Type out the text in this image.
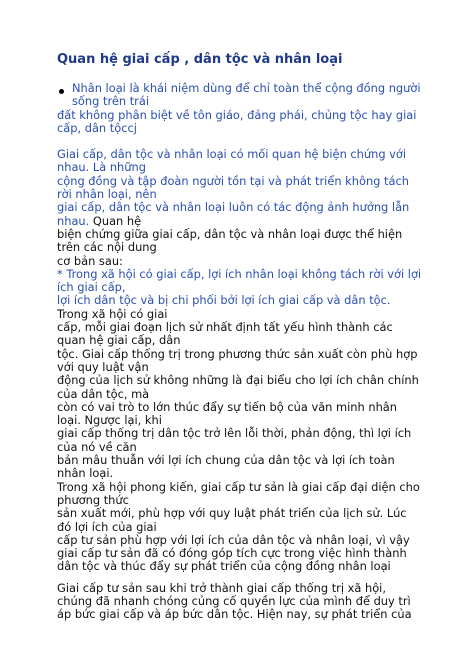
Quan hệ giai cấp , dân tộc và nhân loại
Nhân loại là khái niệm dùng để chỉ toàn thể cộng đồng người
sống trên trái
đất không phân biệt về tôn giáo, đảng phái, chủng tộc hay giai
cấp, dân tộccj
Giai cấp, dân tộc và nhân loại có mối quan hệ biện chứng với
nhau. Là những
cộng đồng và tập đoàn người tồn tại và phát triển không tách
rời nhân loại, nên
giai cấp, dân tộc và nhân loại luôn có tác động ảnh hưởng lẫn
nhau. Quan hệ
biện chứng giữa giai cấp, dân tộc và nhân loại được thể hiện
trên các nội dung
cơ bản sau:
* Trong xã hội có giai cấp, lợi ích nhân loại không tách rời với lợi
ích giai cấp,
lợi ích dân tộc và bị chi phối bởi lợi ích giai cấp và dân tộc.
Trong xã hội có giai
cấp, mỗi giai đoạn lịch sử nhất định tất yếu hình thành các
quan hệ giai cấp, dân
tộc. Giai cấp thống trị trong phương thức sản xuất còn phù hợp
với quy luật vận
động của lịch sử không những là đại biểu cho lợi ích chân chính
của dân tộc, mà
còn có vai trò to lớn thúc đẩy sự tiến bộ của văn minh nhân
loại. Ngược lại, khi
giai cấp thống trị dân tộc trở lên lỗi thời, phản động, thì lợi ích
của nó về căn
bản mâu thuẫn với lợi ích chung của dân tộc và lợi ích toàn
nhân loại.
Trong xã hội phong kiến, giai cấp tư sản là giai cấp đại diện cho
phương thức
sản xuất mới, phù hợp với quy luật phát triển của lịch sử. Lúc
đó lợi ích của giai
cấp tư sản phù hợp với lợi ích của dân tộc và nhân loại, vì vậy
giai cấp tư sản đã có đóng góp tích cực trong việc hình thành
dân tộc và thúc đẩy sự phát triển của cộng đồng nhân loại
Giai cấp tư sản sau khi trở thành giai cấp thống trị xã hội,
chúng đã nhanh chóng củng cố quyền lực của mình để duy trì
áp bức giai cấp và áp bức dân tộc. Hiện nay, sự phát triển của
